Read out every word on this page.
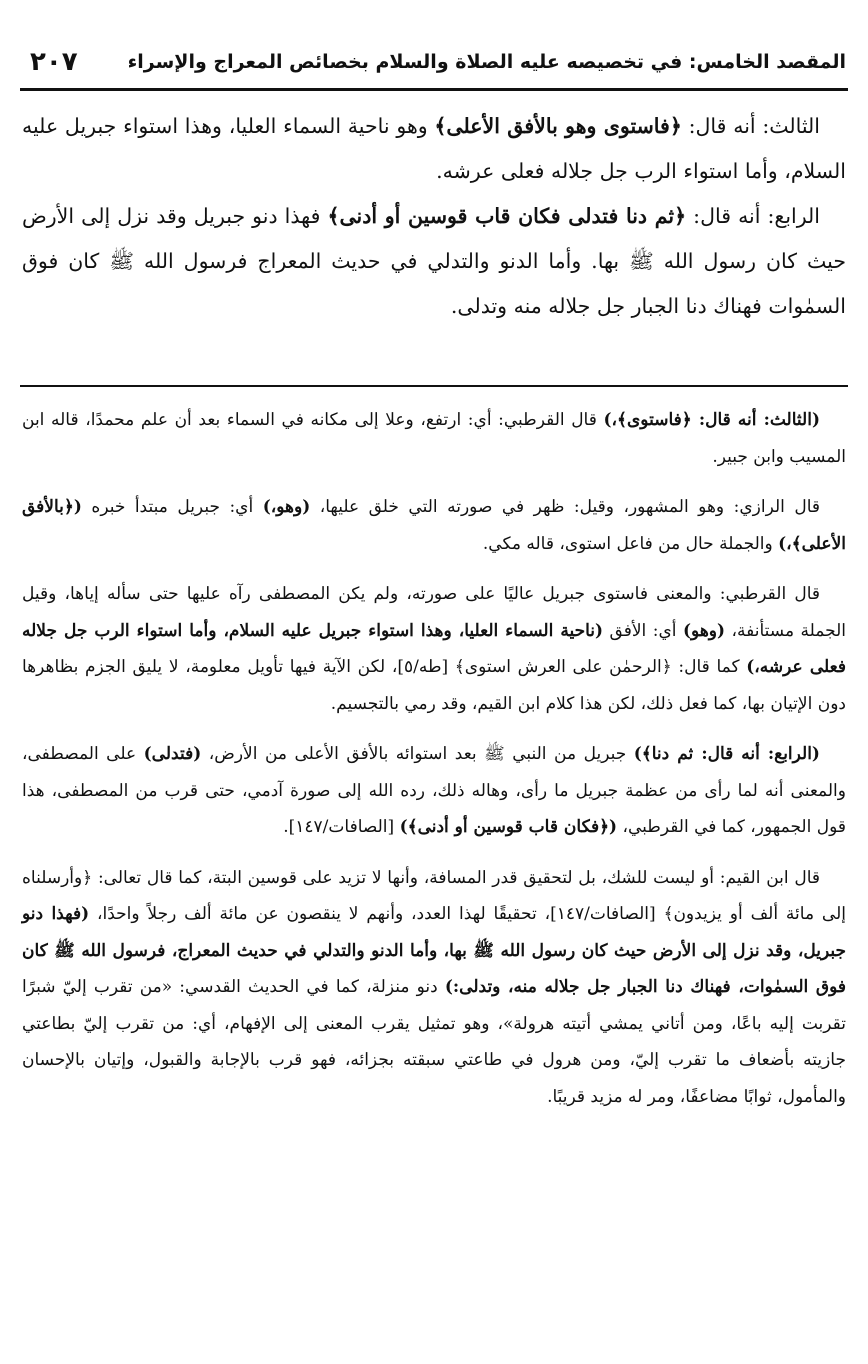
المقصد الخامس: في تخصيصه عليه الصلاة والسلام بخصائص المعراج والإسراء
٢٠٧

الثالث: أنه قال: ﴿فاستوى وهو بالأفق الأعلى﴾ وهو ناحية السماء العليا، وهذا استواء جبريل عليه السلام، وأما استواء الرب جل جلاله فعلى عرشه.

الرابع: أنه قال: ﴿ثم دنا فتدلى فكان قاب قوسين أو أدنى﴾ فهذا دنو جبريل وقد نزل إلى الأرض حيث كان رسول الله ﷺ بها. وأما الدنو والتدلي في حديث المعراج فرسول الله ﷺ كان فوق السمٰوات فهناك دنا الجبار جل جلاله منه وتدلى.

(الثالث: أنه قال: ﴿فاستوى﴾،) قال القرطبي: أي: ارتفع، وعلا إلى مكانه في السماء بعد أن علم محمدًا، قاله ابن المسيب وابن جبير.

قال الرازي: وهو المشهور، وقيل: ظهر في صورته التي خلق عليها، (وهو،) أي: جبريل مبتدأ خبره (﴿بالأفق الأعلى﴾،) والجملة حال من فاعل استوى، قاله مكي.

قال القرطبي: والمعنى فاستوى جبريل عاليًا على صورته، ولم يكن المصطفى رآه عليها حتى سأله إياها، وقيل الجملة مستأنفة، (وهو) أي: الأفق (ناحية السماء العليا، وهذا استواء جبريل عليه السلام، وأما استواء الرب جل جلاله فعلى عرشه،) كما قال: ﴿الرحمٰن على العرش استوى﴾ [طه/٥]، لكن الآية فيها تأويل معلومة، لا يليق الجزم بظاهرها دون الإتيان بها، كما فعل ذلك، لكن هذا كلام ابن القيم، وقد رمي بالتجسيم.

(الرابع: أنه قال: ثم دنا﴾) جبريل من النبي ﷺ بعد استوائه بالأفق الأعلى من الأرض، (فتدلى) على المصطفى، والمعنى أنه لما رأى من عظمة جبريل ما رأى، وهاله ذلك، رده الله إلى صورة آدمي، حتى قرب من المصطفى، هذا قول الجمهور، كما في القرطبي، (﴿فكان قاب قوسين أو أدنى﴾) [الصافات/١٤٧].

قال ابن القيم: أو ليست للشك، بل لتحقيق قدر المسافة، وأنها لا تزيد على قوسين البتة، كما قال تعالى: ﴿وأرسلناه إلى مائة ألف أو يزيدون﴾ [الصافات/١٤٧]، تحقيقًا لهذا العدد، وأنهم لا ينقصون عن مائة ألف رجلاً واحدًا، (فهذا دنو جبريل، وقد نزل إلى الأرض حيث كان رسول الله ﷺ بها، وأما الدنو والتدلي في حديث المعراج، فرسول الله ﷺ كان فوق السمٰوات، فهناك دنا الجبار جل جلاله منه، وتدلى:) دنو منزلة، كما في الحديث القدسي: «من تقرب إليّ شبرًا تقربت إليه باعًا، ومن أتاني يمشي أتيته هرولة»، وهو تمثيل يقرب المعنى إلى الإفهام، أي: من تقرب إليّ بطاعتي جازيته بأضعاف ما تقرب إليّ، ومن هرول في طاعتي سبقته بجزائه، فهو قرب بالإجابة والقبول، وإتيان بالإحسان والمأمول، ثوابًا مضاعفًا، ومر له مزيد قريبًا.
